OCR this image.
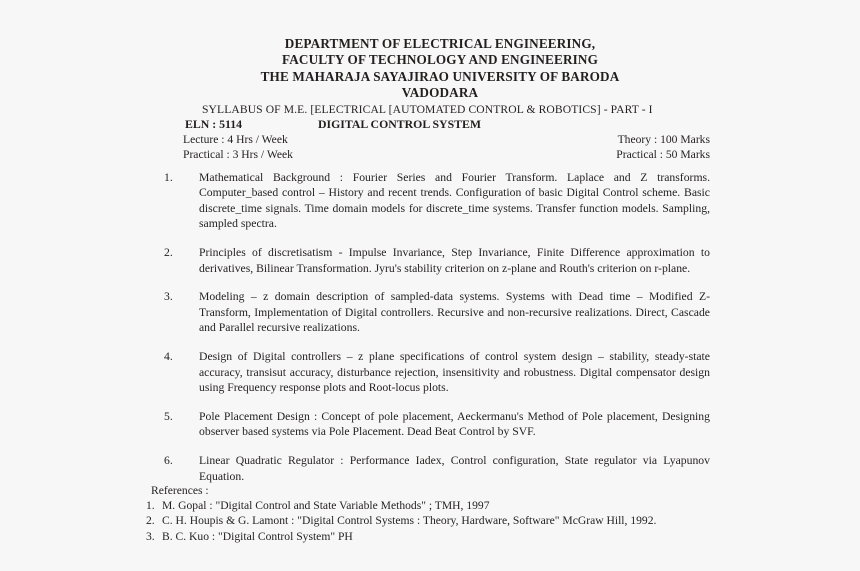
DEPARTMENT OF ELECTRICAL ENGINEERING,
FACULTY OF TECHNOLOGY AND ENGINEERING
THE MAHARAJA SAYAJIRAO UNIVERSITY OF BARODA
VADODARA
SYLLABUS OF M.E. [ELECTRICAL [AUTOMATED CONTROL & ROBOTICS] - PART - I
ELN : 5114	DIGITAL CONTROL SYSTEM
Lecture : 4 Hrs / Week	Theory : 100 Marks
Practical : 3 Hrs / Week	Practical : 50 Marks
1.	Mathematical Background : Fourier Series and Fourier Transform. Laplace and Z transforms. Computer_based control – History and recent trends. Configuration of basic Digital Control scheme. Basic discrete_time signals. Time domain models for discrete_time systems. Transfer function models. Sampling, sampled spectra.
2.	Principles of discretisatism - Impulse Invariance, Step Invariance, Finite Difference approximation to derivatives, Bilinear Transformation. Jyru's stability criterion on z-plane and Routh's criterion on r-plane.
3.	Modeling – z domain description of sampled-data systems. Systems with Dead time – Modified Z-Transform, Implementation of Digital controllers. Recursive and non-recursive realizations. Direct, Cascade and Parallel recursive realizations.
4.	Design of Digital controllers – z plane specifications of control system design – stability, steady-state accuracy, transisut accuracy, disturbance rejection, insensitivity and robustness. Digital compensator design using Frequency response plots and Root-locus plots.
5.	Pole Placement Design : Concept of pole placement, Aeckermanu's Method of Pole placement, Designing observer based systems via Pole Placement. Dead Beat Control by SVF.
6.	Linear Quadratic Regulator : Performance Iadex, Control configuration, State regulator via Lyapunov Equation.
References :
1. M. Gopal : "Digital Control and State Variable Methods" ; TMH, 1997
2. C. H. Houpis & G. Lamont : "Digital Control Systems : Theory, Hardware, Software" McGraw Hill, 1992.
3. B. C. Kuo : "Digital Control System" PH
